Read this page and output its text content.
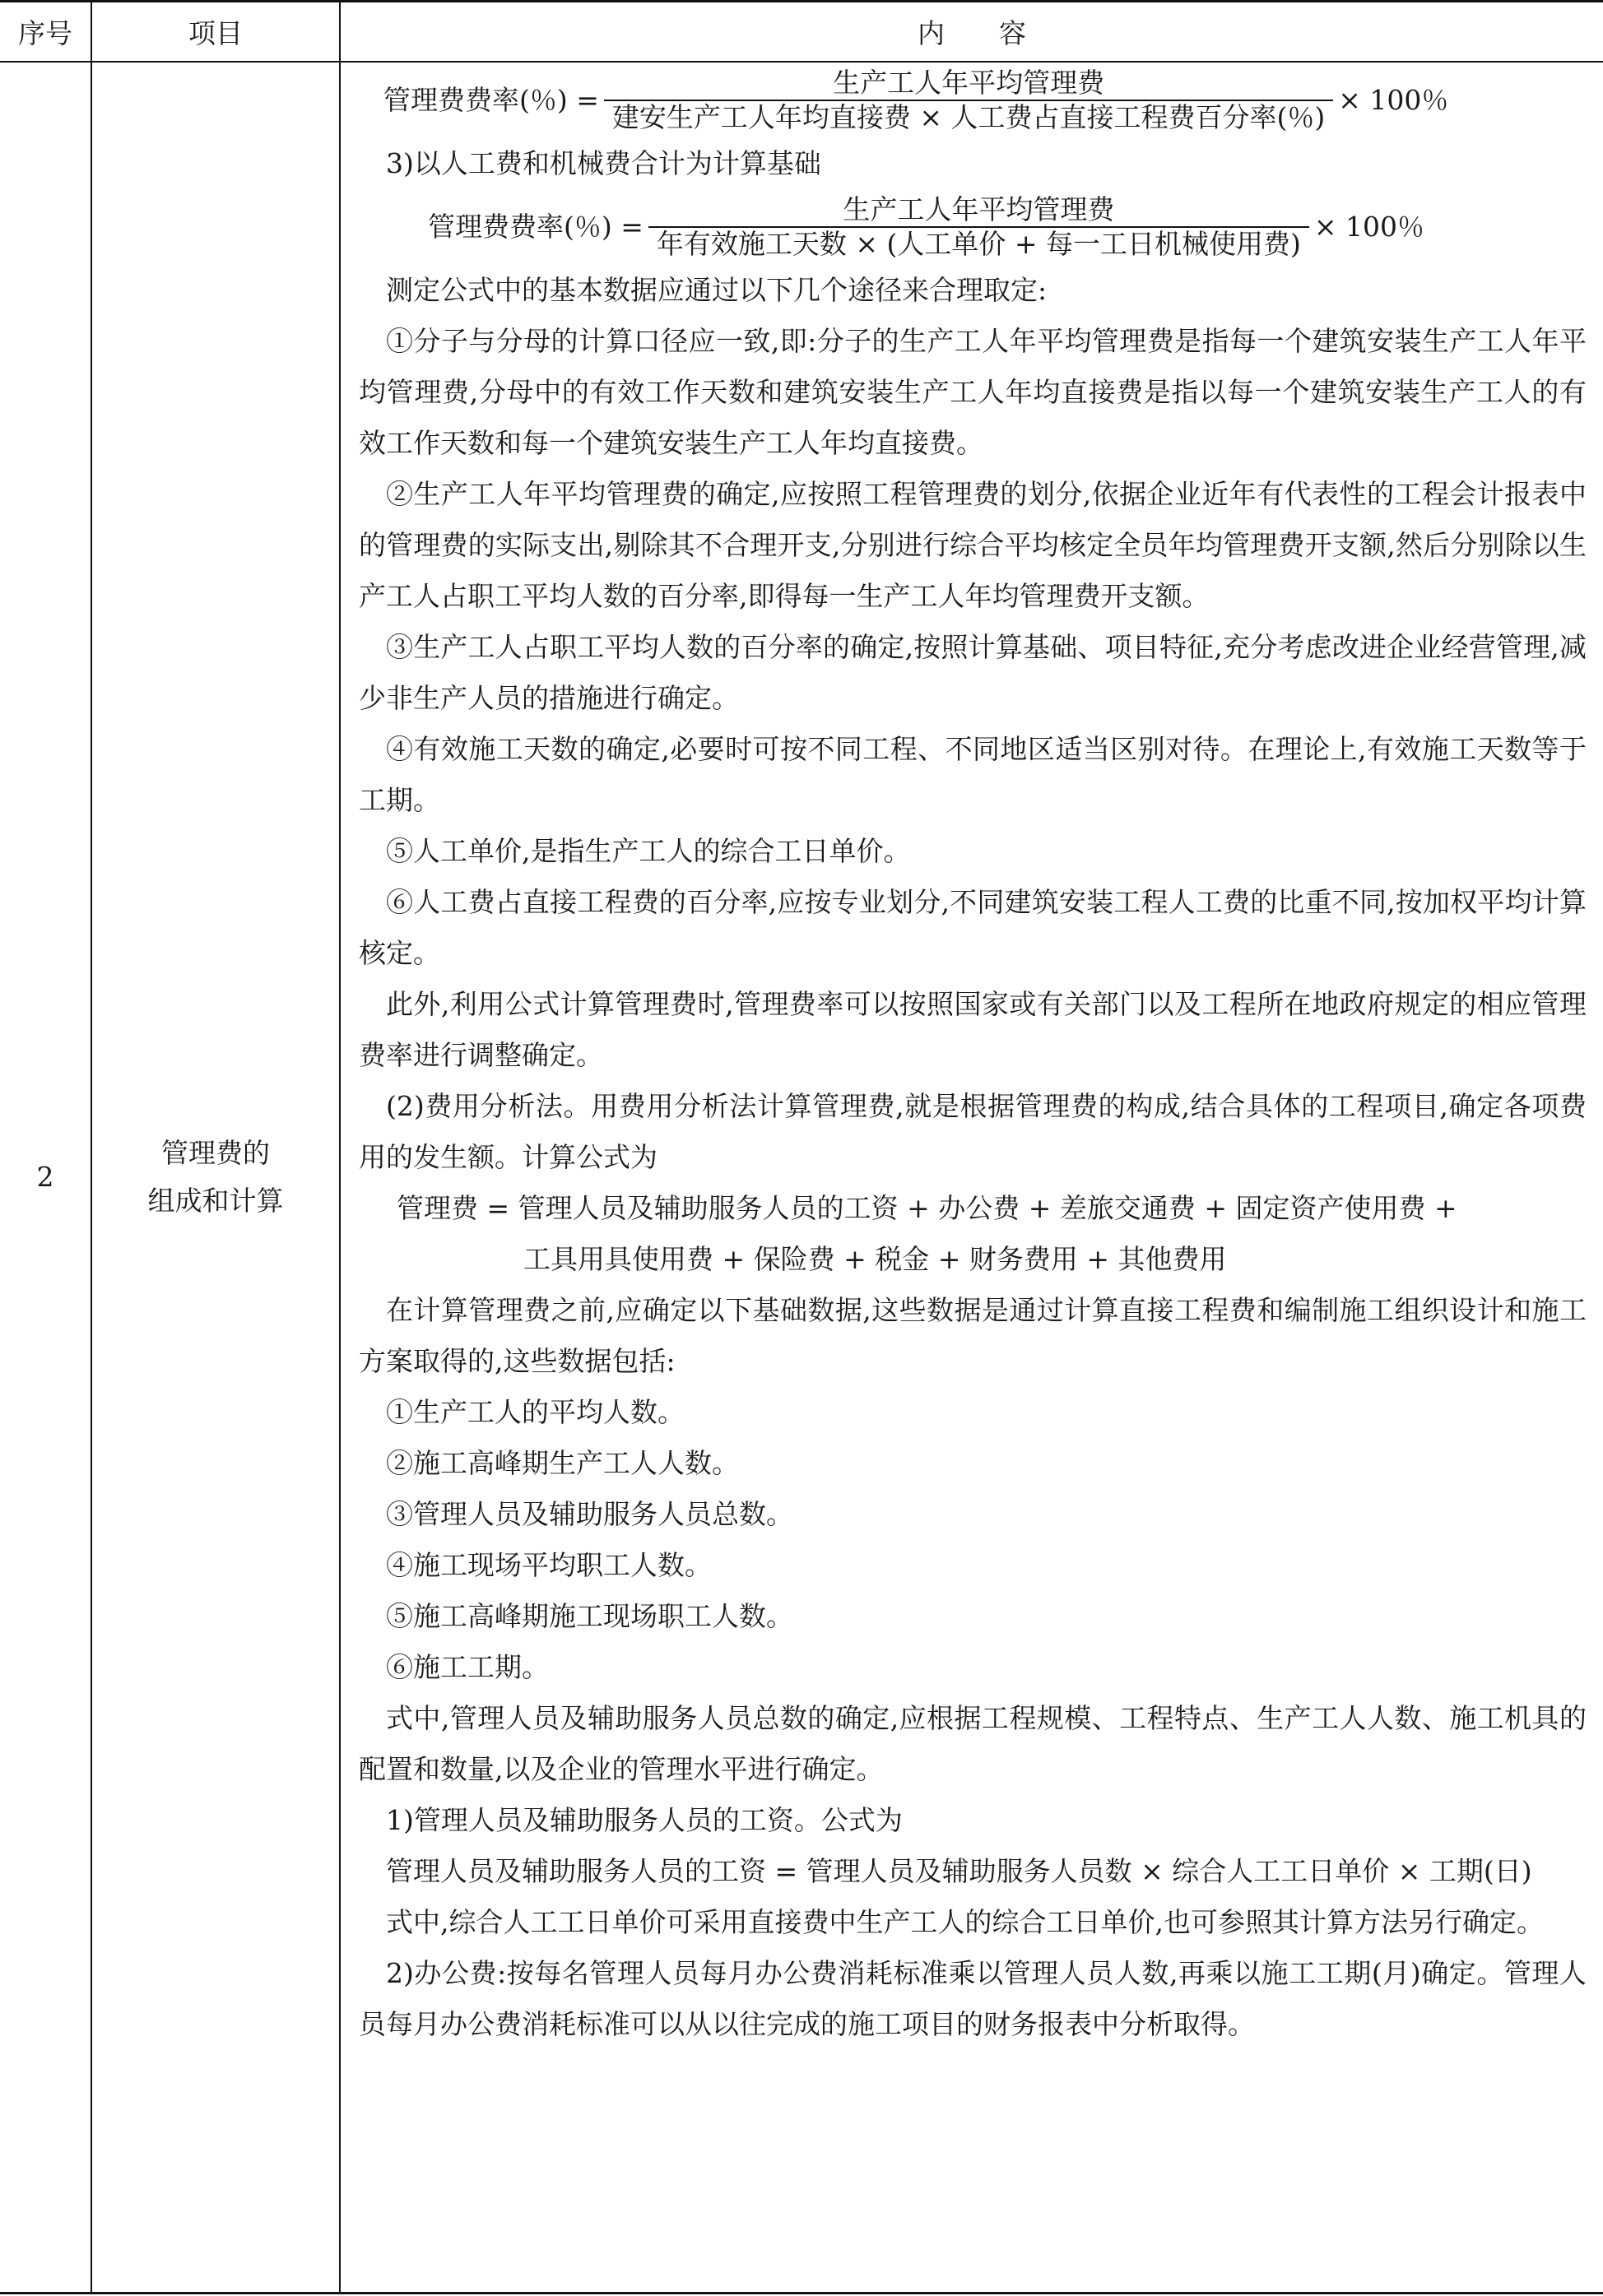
序号	项目	内　　容
2
管理费的
组成和计算
管理费费率(％) = $\frac{\text{生产工人年平均管理费}}{\text{建安生产工人年均直接费 × 人工费占直接工程费百分率(％)}} \times 100$％

3)以人工费和机械费合计为计算基础

管理费费率(％) = $\frac{\text{生产工人年平均管理费}}{\text{年有效施工天数 × (人工单价 + 每一工日机械使用费)}} \times 100$％

测定公式中的基本数据应通过以下几个途径来合理取定:

①分子与分母的计算口径应一致,即:分子的生产工人年平均管理费是指每一个建筑安装生产工人年平均管理费,分母中的有效工作天数和建筑安装生产工人年均直接费是指以每一个建筑安装生产工人的有效工作天数和每一个建筑安装生产工人年均直接费。

②生产工人年平均管理费的确定,应按照工程管理费的划分,依据企业近年有代表性的工程会计报表中的管理费的实际支出,剔除其不合理开支,分别进行综合平均核定全员年均管理费开支额,然后分别除以生产工人占职工平均人数的百分率,即得每一生产工人年均管理费开支额。

③生产工人占职工平均人数的百分率的确定,按照计算基础、项目特征,充分考虑改进企业经营管理,减少非生产人员的措施进行确定。

④有效施工天数的确定,必要时可按不同工程、不同地区适当区别对待。在理论上,有效施工天数等于工期。

⑤人工单价,是指生产工人的综合工日单价。

⑥人工费占直接工程费的百分率,应按专业划分,不同建筑安装工程人工费的比重不同,按加权平均计算核定。

此外,利用公式计算管理费时,管理费率可以按照国家或有关部门以及工程所在地政府规定的相应管理费率进行调整确定。

(2)费用分析法。用费用分析法计算管理费,就是根据管理费的构成,结合具体的工程项目,确定各项费用的发生额。计算公式为

管理费 = 管理人员及辅助服务人员的工资 + 办公费 + 差旅交通费 + 固定资产使用费 +

工具用具使用费 + 保险费 + 税金 + 财务费用 + 其他费用

在计算管理费之前,应确定以下基础数据,这些数据是通过计算直接工程费和编制施工组织设计和施工方案取得的,这些数据包括:

①生产工人的平均人数。

②施工高峰期生产工人人数。

③管理人员及辅助服务人员总数。

④施工现场平均职工人数。

⑤施工高峰期施工现场职工人数。

⑥施工工期。

式中,管理人员及辅助服务人员总数的确定,应根据工程规模、工程特点、生产工人人数、施工机具的配置和数量,以及企业的管理水平进行确定。

1)管理人员及辅助服务人员的工资。公式为

管理人员及辅助服务人员的工资 = 管理人员及辅助服务人员数 × 综合人工工日单价 × 工期(日)

式中,综合人工工日单价可采用直接费中生产工人的综合工日单价,也可参照其计算方法另行确定。

2)办公费:按每名管理人员每月办公费消耗标准乘以管理人员人数,再乘以施工工期(月)确定。管理人员每月办公费消耗标准可以从以往完成的施工项目的财务报表中分析取得。
